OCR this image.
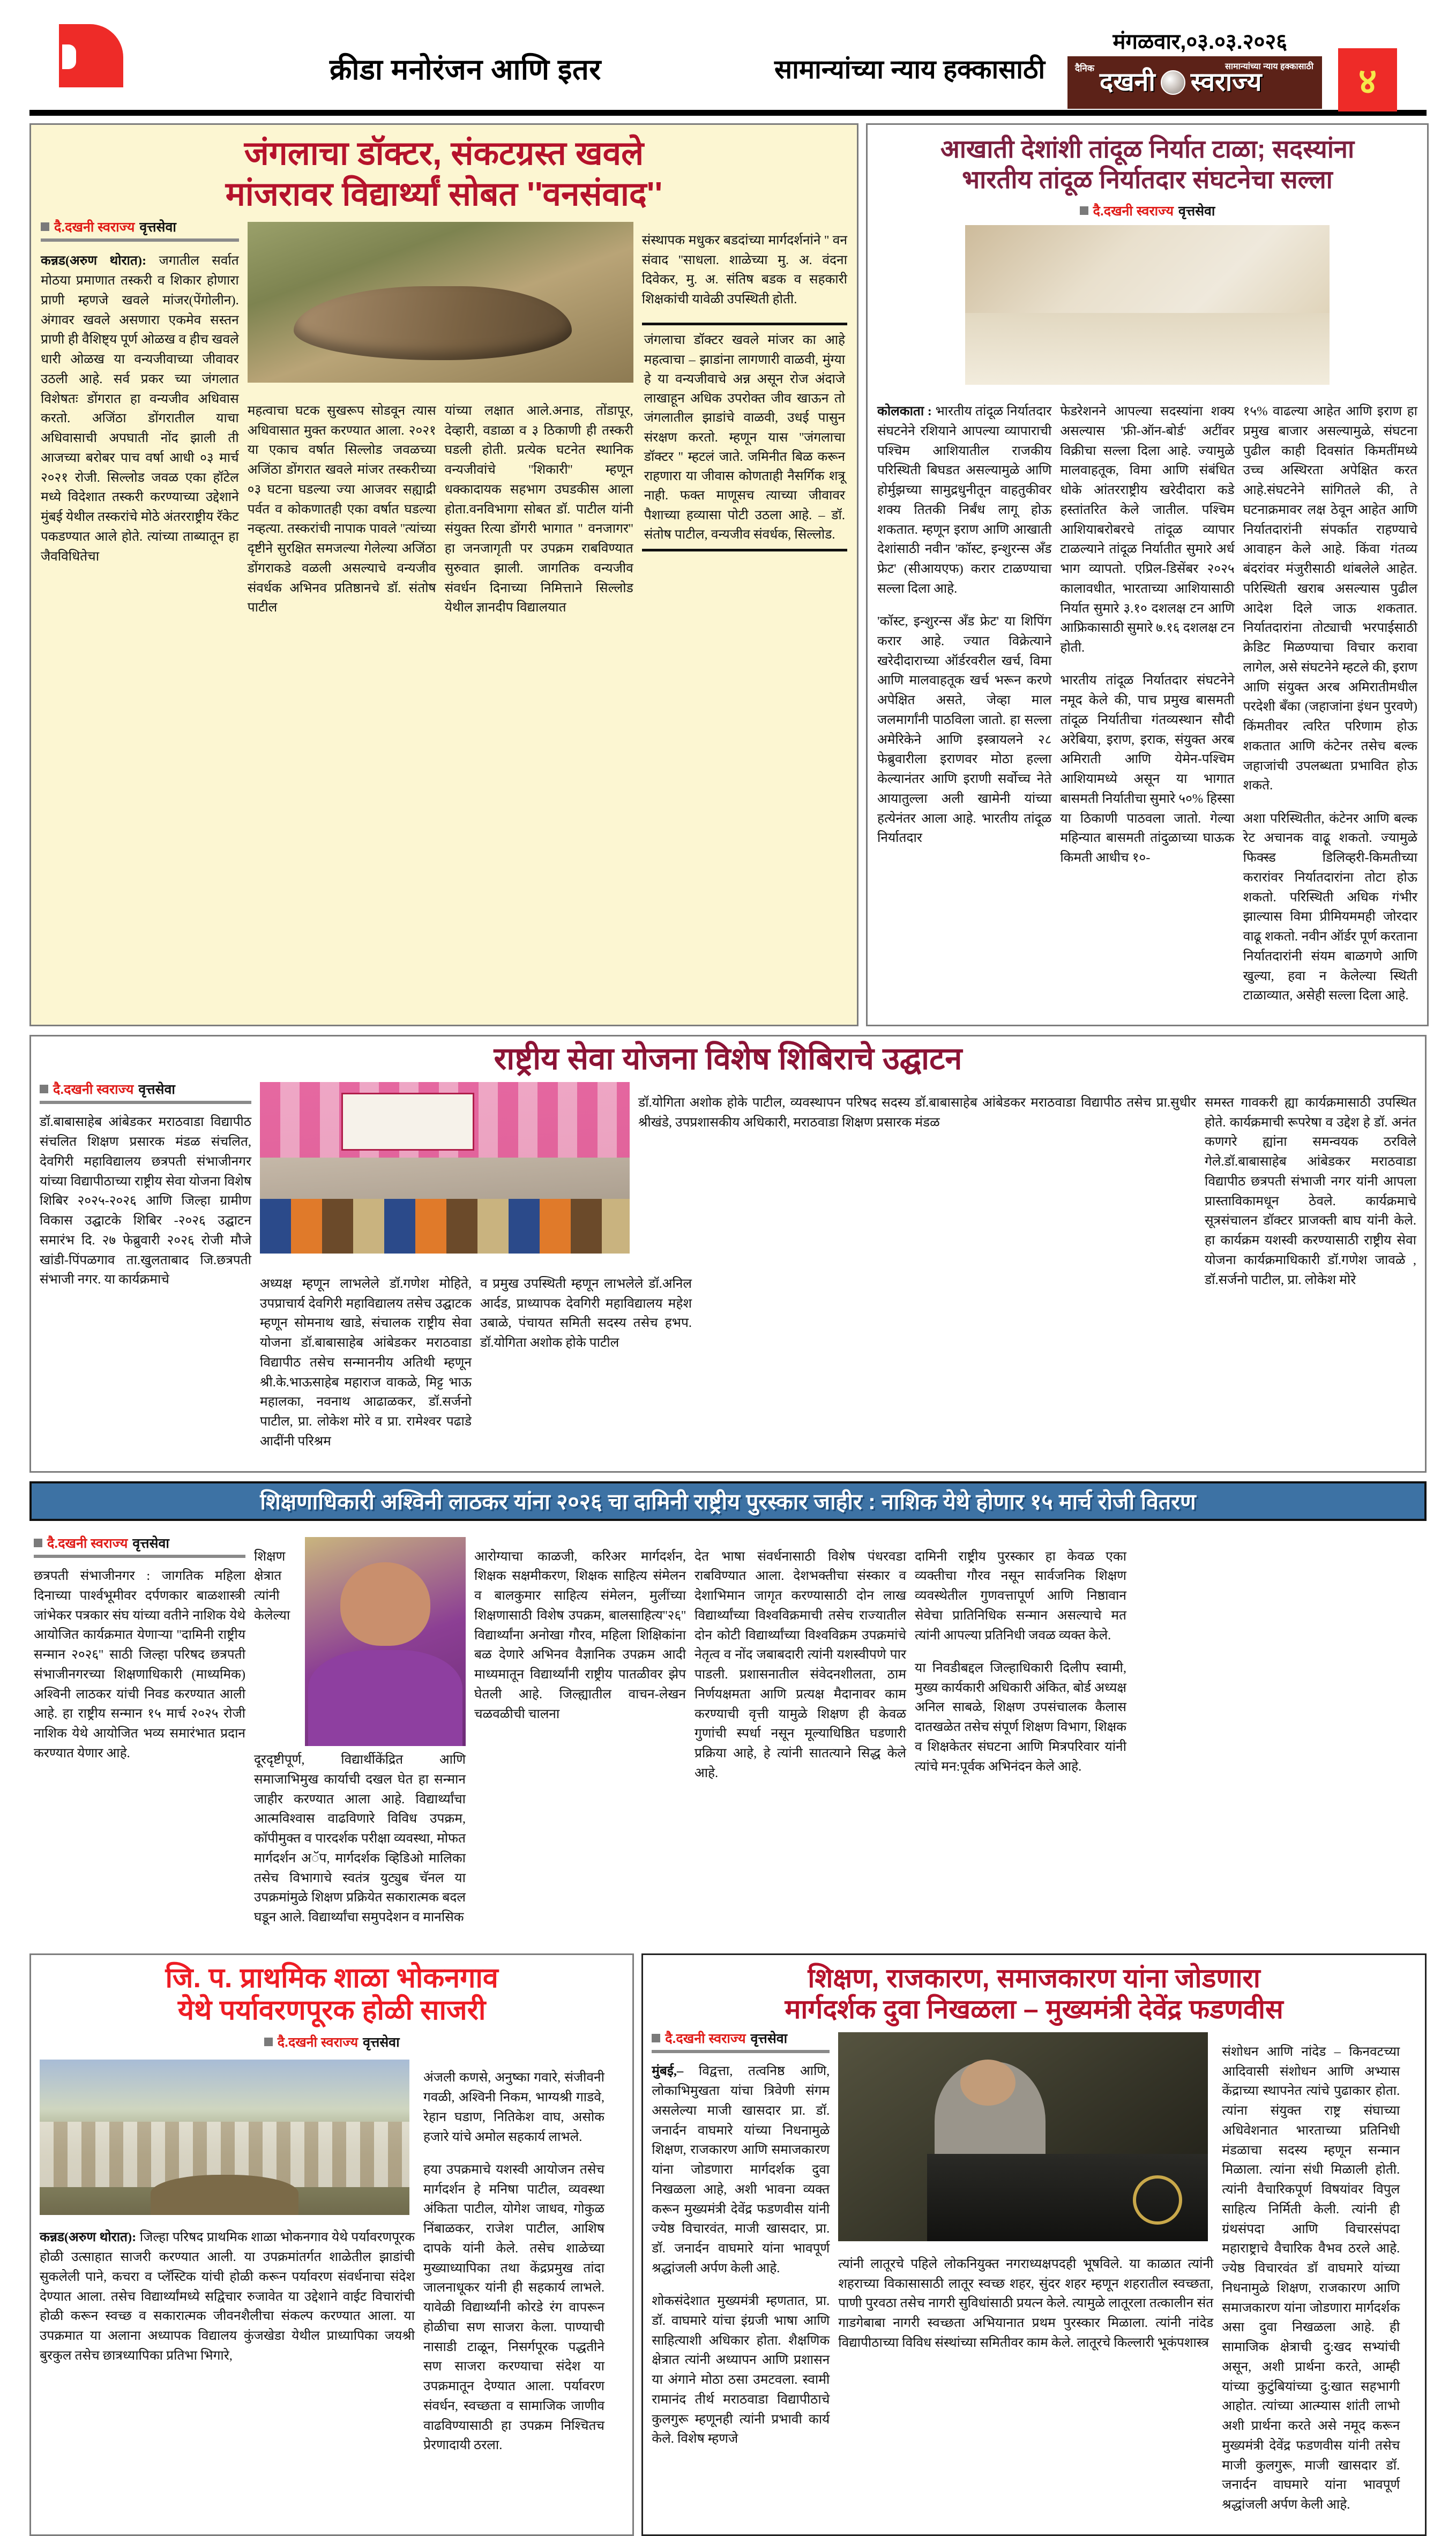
क्रीडा मनोरंजन आणि इतर	सामान्यांच्या न्याय हक्कासाठी
मंगळवार,०३.०३.२०२६
दैनिक दखनी स्वराज्य
सामान्यांच्या न्याय हक्कासाठी ४
जंगलाचा डॉक्टर, संकटग्रस्त खवले
मांजरावर विद्यार्थ्यां सोबत ''वनसंवाद''
दै.दखनी स्वराज्य वृत्तसेवा

कन्नड(अरुण थोरात): जगातील सर्वात मोठया प्रमाणात तस्करी व शिकार होणारा प्राणी म्हणजे खवले मांजर(पेंगोलीन). अंगावर खवले असणारा एकमेव सस्तन प्राणी ही वैशिष्ट्य पूर्ण ओळख व हीच खवले धारी ओळख या वन्यजीवाच्या जीवावर उठली आहे. सर्व प्रकर च्या जंगलात विशेषतः डोंगरात हा वन्यजीव अधिवास करतो. अजिंठा डोंगरातील याचा अधिवासाची अपघाती नोंद झाली ती आजच्या बरोबर पाच वर्षा आधी ०३ मार्च २०२१ रोजी. सिल्लोड जवळ एका हॉटेल मध्ये विदेशात तस्करी करण्याच्या उद्देशाने मुंबई येथील तस्करांचे मोठे अंतरराष्ट्रीय रॅकेट पकडण्यात आले होते. त्यांच्या ताब्यातून हा जैवविधितेचा

महत्वाचा घटक सुखरूप सोडवून त्यास अधिवासात मुक्त करण्यात आला. २०२१ या एकाच वर्षात सिल्लोड जवळच्या अजिंठा डोंगरात खवले मांजर तस्करीच्या ०३ घटना घडल्या ज्या आजवर सह्याद्री पर्वत व कोकणातही एका वर्षात घडल्या नव्हत्या. तस्करांची नापाक पावले ''त्यांच्या दृष्टीने सुरक्षित समजल्या गेलेल्या अजिंठा डोंगराकडे वळली असल्याचे वन्यजीव संवर्धक अभिनव प्रतिष्ठानचे डॉ. संतोष पाटील

यांच्या लक्षात आले.अनाड, तोंडापूर, देव्हारी, वडाळा व ३ ठिकाणी ही तस्करी घडली होती. प्रत्येक घटनेत स्थानिक वन्यजीवांचे ''शिकारी'' म्हणून धक्कादायक सहभाग उघडकीस आला होता.वनविभागा सोबत डॉ. पाटील यांनी संयुक्त रित्या डोंगरी भागात '' वनजागर'' हा जनजागृती पर उपक्रम राबविण्यात सुरुवात झाली. जागतिक वन्यजीव संवर्धन दिनाच्या निमित्ताने सिल्लोड येथील ज्ञानदीप विद्यालयात

संस्थापक मधुकर बडदांच्या मार्गदर्शनांने '' वन संवाद ''साधला. शाळेच्या मु. अ. वंदना दिवेकर, मु. अ. संतिष बडक व सहकारी शिक्षकांची यावेळी उपस्थिती होती.

जंगलाचा डॉक्टर खवले मांजर का आहे महत्वाचा – झाडांना लागणारी वाळवी, मुंग्या हे या वन्यजीवाचे अन्न असून रोज अंदाजे लाखाहून अधिक उपरोक्त जीव खाऊन तो जंगलातील झाडांचे वाळवी, उधई पासुन संरक्षण करतो. म्हणून यास ''जंगलाचा डॉक्टर '' म्हटलं जाते. जमिनीत बिळ करून राहणारा या जीवास कोणताही नैसर्गिक शत्रू नाही. फक्त माणूसच त्याच्या जीवावर पैशाच्या हव्यासा पोटी उठला आहे. – डॉ. संतोष पाटील, वन्यजीव संवर्धक, सिल्लोड.
आखाती देशांशी तांदूळ निर्यात टाळा; सदस्यांना
भारतीय तांदूळ निर्यातदार संघटनेचा सल्ला
दै.दखनी स्वराज्य वृत्तसेवा

कोलकाता : भारतीय तांदूळ निर्यातदार संघटनेने रशियाने आपल्या व्यापाराची पश्चिम आशियातील राजकीय परिस्थिती बिघडत असल्यामुळे आणि होर्मुझच्या सामुद्रधुनीतून वाहतुकीवर शक्य तितकी निर्बंध लागू होऊ शकतात. म्हणून इराण आणि आखाती देशांसाठी नवीन 'कॉस्ट, इन्शुरन्स अँड फ्रेट' (सीआयएफ) करार टाळण्याचा सल्ला दिला आहे.

'कॉस्ट, इन्शुरन्स अँड फ्रेट' या शिपिंग करार आहे. ज्यात विक्रेत्याने खरेदीदाराच्या ऑर्डरवरील खर्च, विमा आणि मालवाहतूक खर्च भरून करणे अपेक्षित असते, जेव्हा माल जलमार्गांनी पाठविला जातो. हा सल्ला अमेरिकेने आणि इस्त्रायलने २८ फेब्रुवारीला इराणवर मोठा हल्ला केल्यानंतर आणि इराणी सर्वोच्च नेते आयातुल्ला अली खामेनी यांच्या हत्येनंतर आला आहे. भारतीय तांदूळ निर्यातदार

फेडरेशनने आपल्या सदस्यांना शक्य असल्यास 'फ्री-ऑन-बोर्ड' अटींवर विक्रीचा सल्ला दिला आहे. ज्यामुळे मालवाहतूक, विमा आणि संबंधित धोके आंतरराष्ट्रीय खरेदीदारा कडे हस्तांतरित केले जातील. पश्चिम आशियाबरोबरचे तांदूळ व्यापार टाळल्याने तांदूळ निर्यातीत सुमारे अर्ध भाग व्यापतो. एप्रिल-डिसेंबर २०२५ कालावधीत, भारताच्या आशियासाठी निर्यात सुमारे ३.१० दशलक्ष टन आणि आफ्रिकासाठी सुमारे ७.१६ दशलक्ष टन होती.

भारतीय तांदूळ निर्यातदार संघटनेने नमूद केले की, पाच प्रमुख बासमती तांदूळ निर्यातीचा गंतव्यस्थान सौदी अरेबिया, इराण, इराक, संयुक्त अरब अमिराती आणि येमेन-पश्चिम आशियामध्ये असून या भागात बासमती निर्यातीचा सुमारे ५०% हिस्सा या ठिकाणी पाठवला जातो. गेल्या महिन्यात बासमती तांदुळाच्या घाऊक किमती आधीच १०-

१५% वाढल्या आहेत आणि इराण हा प्रमुख बाजार असल्यामुळे, संघटना पुढील काही दिवसांत किमतींमध्ये उच्च अस्थिरता अपेक्षित करत आहे.संघटनेने सांगितले की, ते घटनाक्रमावर लक्ष ठेवून आहेत आणि निर्यातदारांनी संपर्कात राहण्याचे आवाहन केले आहे. किंवा गंतव्य बंदरांवर मंजुरीसाठी थांबलेले आहेत. परिस्थिती खराब असल्यास पुढील आदेश दिले जाऊ शकतात. निर्यातदारांना तोट्याची भरपाईसाठी क्रेडिट मिळण्याचा विचार करावा लागेल, असे संघटनेने म्हटले की, इराण आणि संयुक्त अरब अमिरातीमधील परदेशी बँका (जहाजांना इंधन पुरवणे) किंमतीवर त्वरित परिणाम होऊ शकतात आणि कंटेनर तसेच बल्क जहाजांची उपलब्धता प्रभावित होऊ शकते.

अशा परिस्थितीत, कंटेनर आणि बल्क रेट अचानक वाढू शकतो. ज्यामुळे फिक्स्ड डिलिव्हरी-किमतीच्या करारांवर निर्यातदारांना तोटा होऊ शकतो. परिस्थिती अधिक गंभीर झाल्यास विमा प्रीमियममही जोरदार वाढू शकतो. नवीन ऑर्डर पूर्ण करताना निर्यातदारांनी संयम बाळगणे आणि खुल्या, हवा न केलेल्या स्थिती टाळाव्यात, असेही सल्ला दिला आहे.

राष्ट्रीय सेवा योजना विशेष शिबिराचे उद्घाटन
दै.दखनी स्वराज्य वृत्तसेवा

डॉ.बाबासाहेब आंबेडकर मराठवाडा विद्यापीठ संचलित शिक्षण प्रसारक मंडळ संचलित, देवगिरी महाविद्यालय छत्रपती संभाजीनगर यांच्या विद्यापीठाच्या राष्ट्रीय सेवा योजना विशेष शिबिर २०२५-२०२६ आणि जिल्हा ग्रामीण विकास उद्घाटके शिबिर -२०२६ उद्घाटन समारंभ दि. २७ फेब्रुवारी २०२६ रोजी मौजे खांडी-पिंपळगाव ता.खुलताबाद जि.छत्रपती संभाजी नगर. या कार्यक्रमाचे

डॉ.योगिता अशोक होके पाटील, व्यवस्थापन परिषद सदस्य डॉ.बाबासाहेब आंबेडकर मराठवाडा विद्यापीठ तसेच प्रा.सुधीर श्रीखंडे, उपप्रशासकीय अधिकारी, मराठवाडा शिक्षण प्रसारक मंडळ

अध्यक्ष म्हणून लाभलेले डॉ.गणेश मोहिते, उपप्राचार्य देवगिरी महाविद्यालय तसेच उद्घाटक म्हणून सोमनाथ खाडे, संचालक राष्ट्रीय सेवा योजना डॉ.बाबासाहेब आंबेडकर मराठवाडा विद्यापीठ तसेच सन्माननीय अतिथी म्हणून श्री.के.भाऊसाहेब महाराज वाकळे, मिट्ट भाऊ महालका, नवनाथ आढाळकर, डॉ.सर्जनो पाटील, प्रा. लोकेश मोरे व प्रा. रामेश्वर पढाडे आदींनी परिश्रम

व प्रमुख उपस्थिती म्हणून लाभलेले डॉ.अनिल आर्दड, प्राध्यापक देवगिरी महाविद्यालय महेश उबाळे, पंचायत समिती सदस्य तसेच हभप. डॉ.योगिता अशोक होके पाटील

समस्त गावकरी ह्या कार्यक्रमासाठी उपस्थित होते. कार्यक्रमाची रूपरेषा व उद्देश हे डॉ. अनंत कणगरे ह्यांना समन्वयक ठरविले गेले.डॉ.बाबासाहेब आंबेडकर मराठवाडा विद्यापीठ छत्रपती संभाजी नगर यांनी आपला प्रास्ताविकामधून ठेवले. कार्यक्रमाचे सूत्रसंचालन डॉक्टर प्राजक्ती बाघ यांनी केले. हा कार्यक्रम यशस्वी करण्यासाठी राष्ट्रीय सेवा योजना कार्यक्रमाधिकारी डॉ.गणेश जावळे , डॉ.सर्जनो पाटील, प्रा. लोकेश मोरे

शिक्षणाधिकारी अश्विनी लाठकर यांना २०२६ चा दामिनी राष्ट्रीय पुरस्कार जाहीर : नाशिक येथे होणार १५ मार्च रोजी वितरण
दै.दखनी स्वराज्य वृत्तसेवा

छत्रपती संभाजीनगर : जागतिक महिला दिनाच्या पार्श्वभूमीवर दर्पणकार बाळशास्त्री जांभेकर पत्रकार संघ यांच्या वतीने नाशिक येथे आयोजित कार्यक्रमात येणाऱ्या ''दामिनी राष्ट्रीय सन्मान २०२६'' साठी जिल्हा परिषद छत्रपती संभाजीनगरच्या शिक्षणाधिकारी (माध्यमिक) अश्विनी लाठकर यांची निवड करण्यात आली आहे. हा राष्ट्रीय सन्मान १५ मार्च २०२५ रोजी नाशिक येथे आयोजित भव्य समारंभात प्रदान करण्यात येणार आहे.

शिक्षण क्षेत्रात त्यांनी केलेल्या दूरदृष्टीपूर्ण, विद्यार्थीकेंद्रित आणि समाजाभिमुख कार्याची दखल घेत हा सन्मान जाहीर करण्यात आला आहे. विद्यार्थ्यांचा आत्मविश्वास वाढविणारे विविध उपक्रम, कॉपीमुक्त व पारदर्शक परीक्षा व्यवस्था, मोफत मार्गदर्शन अॅप, मार्गदर्शक व्हिडिओ मालिका तसेच विभागाचे स्वतंत्र युट्युब चॅनल या उपक्रमांमुळे शिक्षण प्रक्रियेत सकारात्मक बदल घडून आले. विद्यार्थ्यांचा समुपदेशन व मानसिक

आरोग्याचा काळजी, करिअर मार्गदर्शन, शिक्षक सक्षमीकरण, शिक्षक साहित्य संमेलन व बालकुमार साहित्य संमेलन, मुलींच्या शिक्षणासाठी विशेष उपक्रम, बालसाहित्य''२६'' विद्यार्थ्यांना अनोखा गौरव, महिला शिक्षिकांना बळ देणारे अभिनव वैज्ञानिक उपक्रम आदी माध्यमातून विद्यार्थ्यांनी राष्ट्रीय पातळीवर झेप घेतली आहे. जिल्ह्यातील वाचन-लेखन चळवळीची चालना

देत भाषा संवर्धनासाठी विशेष पंधरवडा राबविण्यात आला. देशभक्तीचा संस्कार व देशाभिमान जागृत करण्यासाठी दोन लाख विद्यार्थ्यांच्या विश्वविक्रमाची तसेच राज्यातील दोन कोटी विद्यार्थ्यांच्या विश्वविक्रम उपक्रमांचे नेतृत्व व नोंद जबाबदारी त्यांनी यशस्वीपणे पार पाडली. प्रशासनातील संवेदनशीलता, ठाम निर्णयक्षमता आणि प्रत्यक्ष मैदानावर काम करण्याची वृत्ती यामुळे शिक्षण ही केवळ गुणांची स्पर्धा नसून मूल्याधिष्ठित घडणारी प्रक्रिया आहे, हे त्यांनी सातत्याने सिद्ध केले आहे.

दामिनी राष्ट्रीय पुरस्कार हा केवळ एका व्यक्तीचा गौरव नसून सार्वजनिक शिक्षण व्यवस्थेतील गुणवत्तापूर्ण आणि निष्ठावान सेवेचा प्रातिनिधिक सन्मान असल्याचे मत त्यांनी आपल्या प्रतिनिधी जवळ व्यक्त केले.

या निवडीबद्दल जिल्हाधिकारी दिलीप स्वामी, मुख्य कार्यकारी अधिकारी अंकित, बोर्ड अध्यक्ष अनिल साबळे, शिक्षण उपसंचालक कैलास दातखळेत तसेच संपूर्ण शिक्षण विभाग, शिक्षक व शिक्षकेतर संघटना आणि मित्रपरिवार यांनी त्यांचे मन:पूर्वक अभिनंदन केले आहे.

जि. प. प्राथमिक शाळा भोकनगाव
येथे पर्यावरणपूरक होळी साजरी
दै.दखनी स्वराज्य वृत्तसेवा

कन्नड(अरुण थोरात): जिल्हा परिषद प्राथमिक शाळा भोकनगाव येथे पर्यावरणपूरक होळी उत्साहात साजरी करण्यात आली. या उपक्रमांतर्गत शाळेतील झाडांची सुकलेली पाने, कचरा व प्लॅस्टिक यांची होळी करून पर्यावरण संवर्धनाचा संदेश देण्यात आला. तसेच विद्यार्थ्यांमध्ये सद्विचार रुजावेत या उद्देशाने वाईट विचारांची होळी करून स्वच्छ व सकारात्मक जीवनशैलीचा संकल्प करण्यात आला. या उपक्रमात या अलाना अध्यापक विद्यालय कुंजखेडा येथील प्राध्यापिका जयश्री बुरकुल तसेच छात्रध्यापिका प्रतिभा भिगारे,

अंजली कणसे, अनुष्का गवारे, संजीवनी गवळी, अश्विनी निकम, भाग्यश्री गाडवे, रेहान घडाण, नितिकेश वाघ, असोक हजारे यांचे अमोल सहकार्य लाभले.

हया उपक्रमाचे यशस्वी आयोजन तसेच मार्गदर्शन हे मनिषा पाटील, व्यवस्था अंकिता पाटील, योगेश जाधव, गोकुळ निंबाळकर, राजेश पाटील, आशिष दापके यांनी केले. तसेच शाळेच्या मुख्याध्यापिका तथा केंद्रप्रमुख तांदा जालनाधूकर यांनी ही सहकार्य लाभले. यावेळी विद्यार्थ्यांनी कोरडे रंग वापरून होळीचा सण साजरा केला. पाण्याची नासाडी टाळून, निसर्गपूरक पद्धतीने सण साजरा करण्याचा संदेश या उपक्रमातून देण्यात आला. पर्यावरण संवर्धन, स्वच्छता व सामाजिक जाणीव वाढविण्यासाठी हा उपक्रम निश्चितच प्रेरणादायी ठरला.

शिक्षण, राजकारण, समाजकारण यांना जोडणारा
मार्गदर्शक दुवा निखळला – मुख्यमंत्री देवेंद्र फडणवीस
दै.दखनी स्वराज्य वृत्तसेवा

मुंबई,– विद्वत्ता, तत्वनिष्ठ आणि, लोकाभिमुखता यांचा त्रिवेणी संगम असलेल्या माजी खासदार प्रा. डॉ. जनार्दन वाघमारे यांच्या निधनामुळे शिक्षण, राजकारण आणि समाजकारण यांना जोडणारा मार्गदर्शक दुवा निखळला आहे, अशी भावना व्यक्त करून मुख्यमंत्री देवेंद्र फडणवीस यांनी ज्येष्ठ विचारवंत, माजी खासदार, प्रा. डॉ. जनार्दन वाघमारे यांना भावपूर्ण श्रद्धांजली अर्पण केली आहे.

शोकसंदेशात मुख्यमंत्री म्हणतात, प्रा. डॉ. वाघमारे यांचा इंग्रजी भाषा आणि साहित्याशी अधिकार होता. शैक्षणिक क्षेत्रात त्यांनी अध्यापन आणि प्रशासन या अंगाने मोठा ठसा उमटवला. स्वामी रामानंद तीर्थ मराठवाडा विद्यापीठाचे कुलगुरू म्हणूनही त्यांनी प्रभावी कार्य केले. विशेष म्हणजे

त्यांनी लातूरचे पहिले लोकनियुक्त नगराध्यक्षपदही भूषविले. या काळात त्यांनी शहराच्या विकासासाठी लातूर स्वच्छ शहर, सुंदर शहर म्हणून शहरातील स्वच्छता, पाणी पुरवठा तसेच नागरी सुविधांसाठी प्रयत्न केले. त्यामुळे लातूरला तत्कालीन संत गाडगेबाबा नागरी स्वच्छता अभियानात प्रथम पुरस्कार मिळाला. त्यांनी नांदेड विद्यापीठाच्या विविध संस्थांच्या समितीवर काम केले. लातूरचे किल्लारी भूकंपशास्त्र

संशोधन आणि नांदेड – किनवटच्या आदिवासी संशोधन आणि अभ्यास केंद्राच्या स्थापनेत त्यांचे पुढाकार होता. त्यांना संयुक्त राष्ट्र संघाच्या अधिवेशनात भारताच्या प्रतिनिधी मंडळाचा सदस्य म्हणून सन्मान मिळाला. त्यांना संधी मिळाली होती. त्यांनी वैचारिकपूर्ण विषयांवर विपुल साहित्य निर्मिती केली. त्यांनी ही ग्रंथसंपदा आणि विचारसंपदा महाराष्ट्राचे वैचारिक वैभव ठरले आहे. ज्येष्ठ विचारवंत डॉ वाघमारे यांच्या निधनामुळे शिक्षण, राजकारण आणि समाजकारण यांना जोडणारा मार्गदर्शक असा दुवा निखळला आहे. ही सामाजिक क्षेत्राची दु:खद सभ्यांची असून, अशी प्रार्थना करते, आम्ही यांच्या कुटुंबियांच्या दु:खात सहभागी आहोत. त्यांच्या आत्म्यास शांती लाभो अशी प्रार्थना करते असे नमूद करून मुख्यमंत्री देवेंद्र फडणवीस यांनी तसेच माजी कुलगुरू, माजी खासदार डॉ. जनार्दन वाघमारे यांना भावपूर्ण श्रद्धांजली अर्पण केली आहे.
